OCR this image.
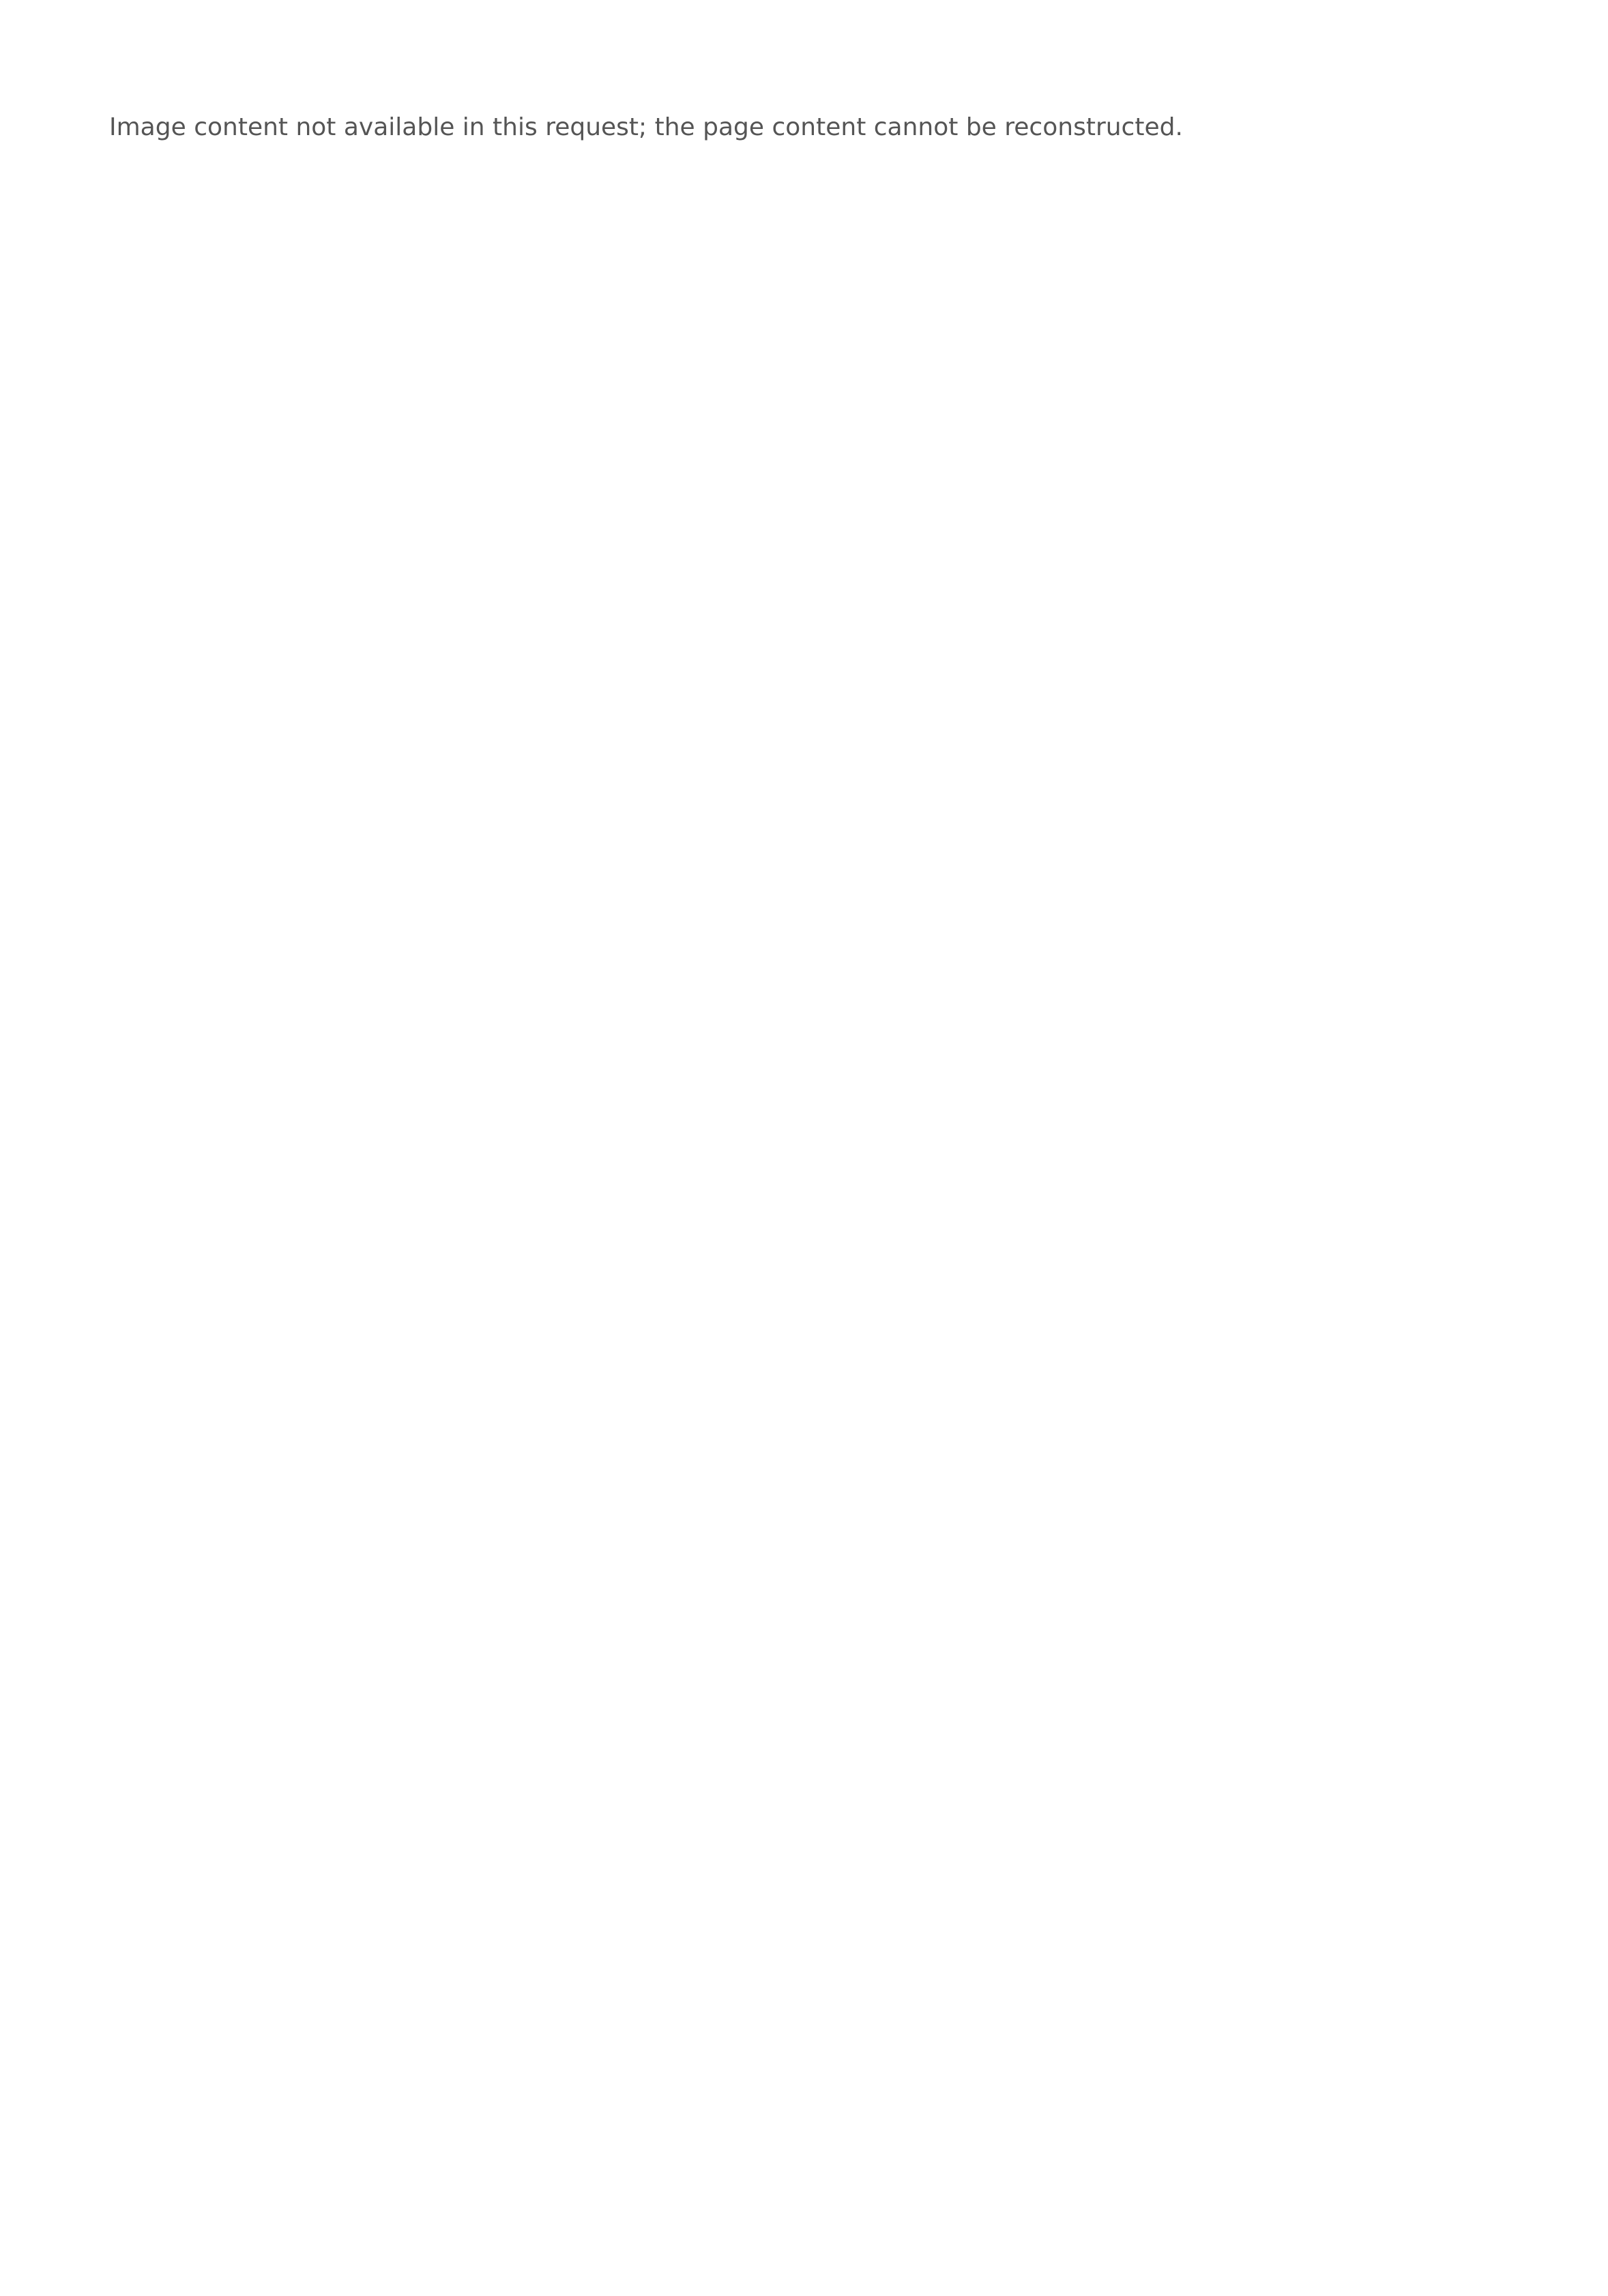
Image content not available in this request; the page content cannot be reconstructed.
